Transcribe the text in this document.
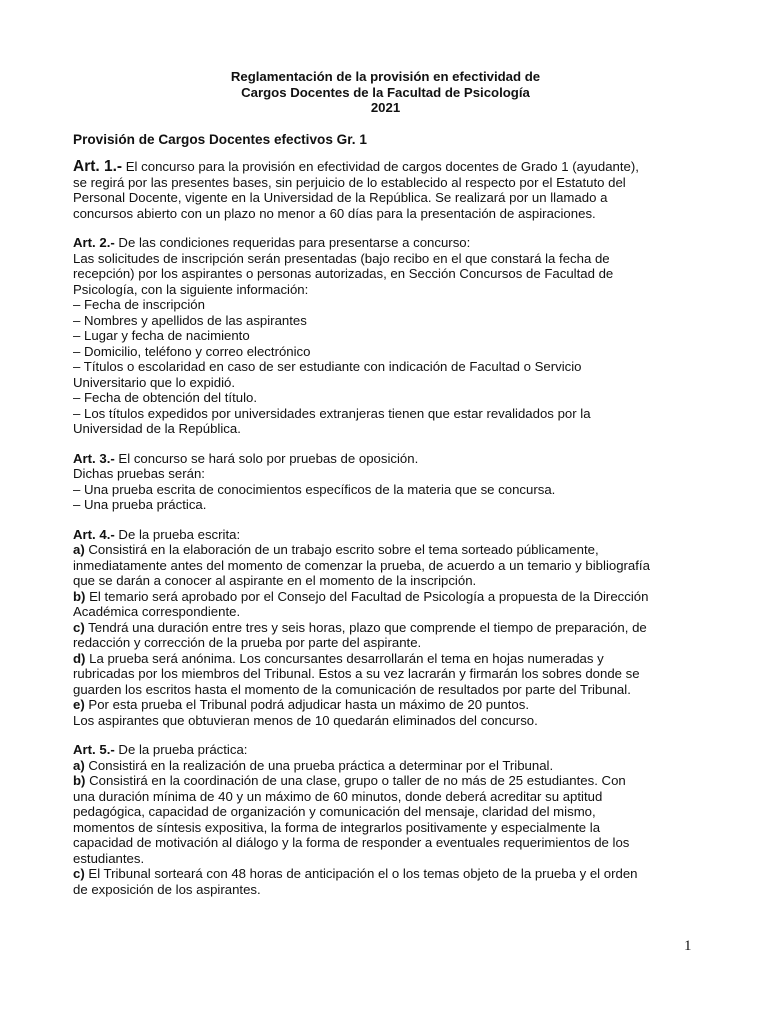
Reglamentación de la provisión en efectividad de
Cargos Docentes de la Facultad de Psicología
2021
Provisión de Cargos Docentes efectivos Gr. 1
Art. 1.- El concurso para la provisión en efectividad de cargos docentes de Grado 1 (ayudante),
se regirá por las presentes bases, sin perjuicio de lo establecido al respecto por el Estatuto del
Personal Docente, vigente en la Universidad de la República. Se realizará por un llamado a
concursos abierto con un plazo no menor a 60 días para la presentación de aspiraciones.
Art. 2.- De las condiciones requeridas para presentarse a concurso:
Las solicitudes de inscripción serán presentadas (bajo recibo en el que constará la fecha de
recepción) por los aspirantes o personas autorizadas, en Sección Concursos de Facultad de
Psicología, con la siguiente información:
‒ Fecha de inscripción
‒ Nombres y apellidos de las aspirantes
‒ Lugar y fecha de nacimiento
‒ Domicilio, teléfono y correo electrónico
‒ Títulos o escolaridad en caso de ser estudiante con indicación de Facultad o Servicio
Universitario que lo expidió.
‒ Fecha de obtención del título.
‒ Los títulos expedidos por universidades extranjeras tienen que estar revalidados por la
Universidad de la República.
Art. 3.- El concurso se hará solo por pruebas de oposición.
Dichas pruebas serán:
‒ Una prueba escrita de conocimientos específicos de la materia que se concursa.
‒ Una prueba práctica.
Art. 4.- De la prueba escrita:
a) Consistirá en la elaboración de un trabajo escrito sobre el tema sorteado públicamente,
inmediatamente antes del momento de comenzar la prueba, de acuerdo a un temario y bibliografía
que se darán a conocer al aspirante en el momento de la inscripción.
b) El temario será aprobado por el Consejo del Facultad de Psicología a propuesta de la Dirección
Académica correspondiente.
c) Tendrá una duración entre tres y seis horas, plazo que comprende el tiempo de preparación, de
redacción y corrección de la prueba por parte del aspirante.
d) La prueba será anónima. Los concursantes desarrollarán el tema en hojas numeradas y
rubricadas por los miembros del Tribunal. Estos a su vez lacrarán y firmarán los sobres donde se
guarden los escritos hasta el momento de la comunicación de resultados por parte del Tribunal.
e) Por esta prueba el Tribunal podrá adjudicar hasta un máximo de 20 puntos.
Los aspirantes que obtuvieran menos de 10 quedarán eliminados del concurso.
Art. 5.- De la prueba práctica:
a) Consistirá en la realización de una prueba práctica a determinar por el Tribunal.
b) Consistirá en la coordinación de una clase, grupo o taller de no más de 25 estudiantes. Con
una duración mínima de 40 y un máximo de 60 minutos, donde deberá acreditar su aptitud
pedagógica, capacidad de organización y comunicación del mensaje, claridad del mismo,
momentos de síntesis expositiva, la forma de integrarlos positivamente y especialmente la
capacidad de motivación al diálogo y la forma de responder a eventuales requerimientos de los
estudiantes.
c) El Tribunal sorteará con 48 horas de anticipación el o los temas objeto de la prueba y el orden
de exposición de los aspirantes.
1
